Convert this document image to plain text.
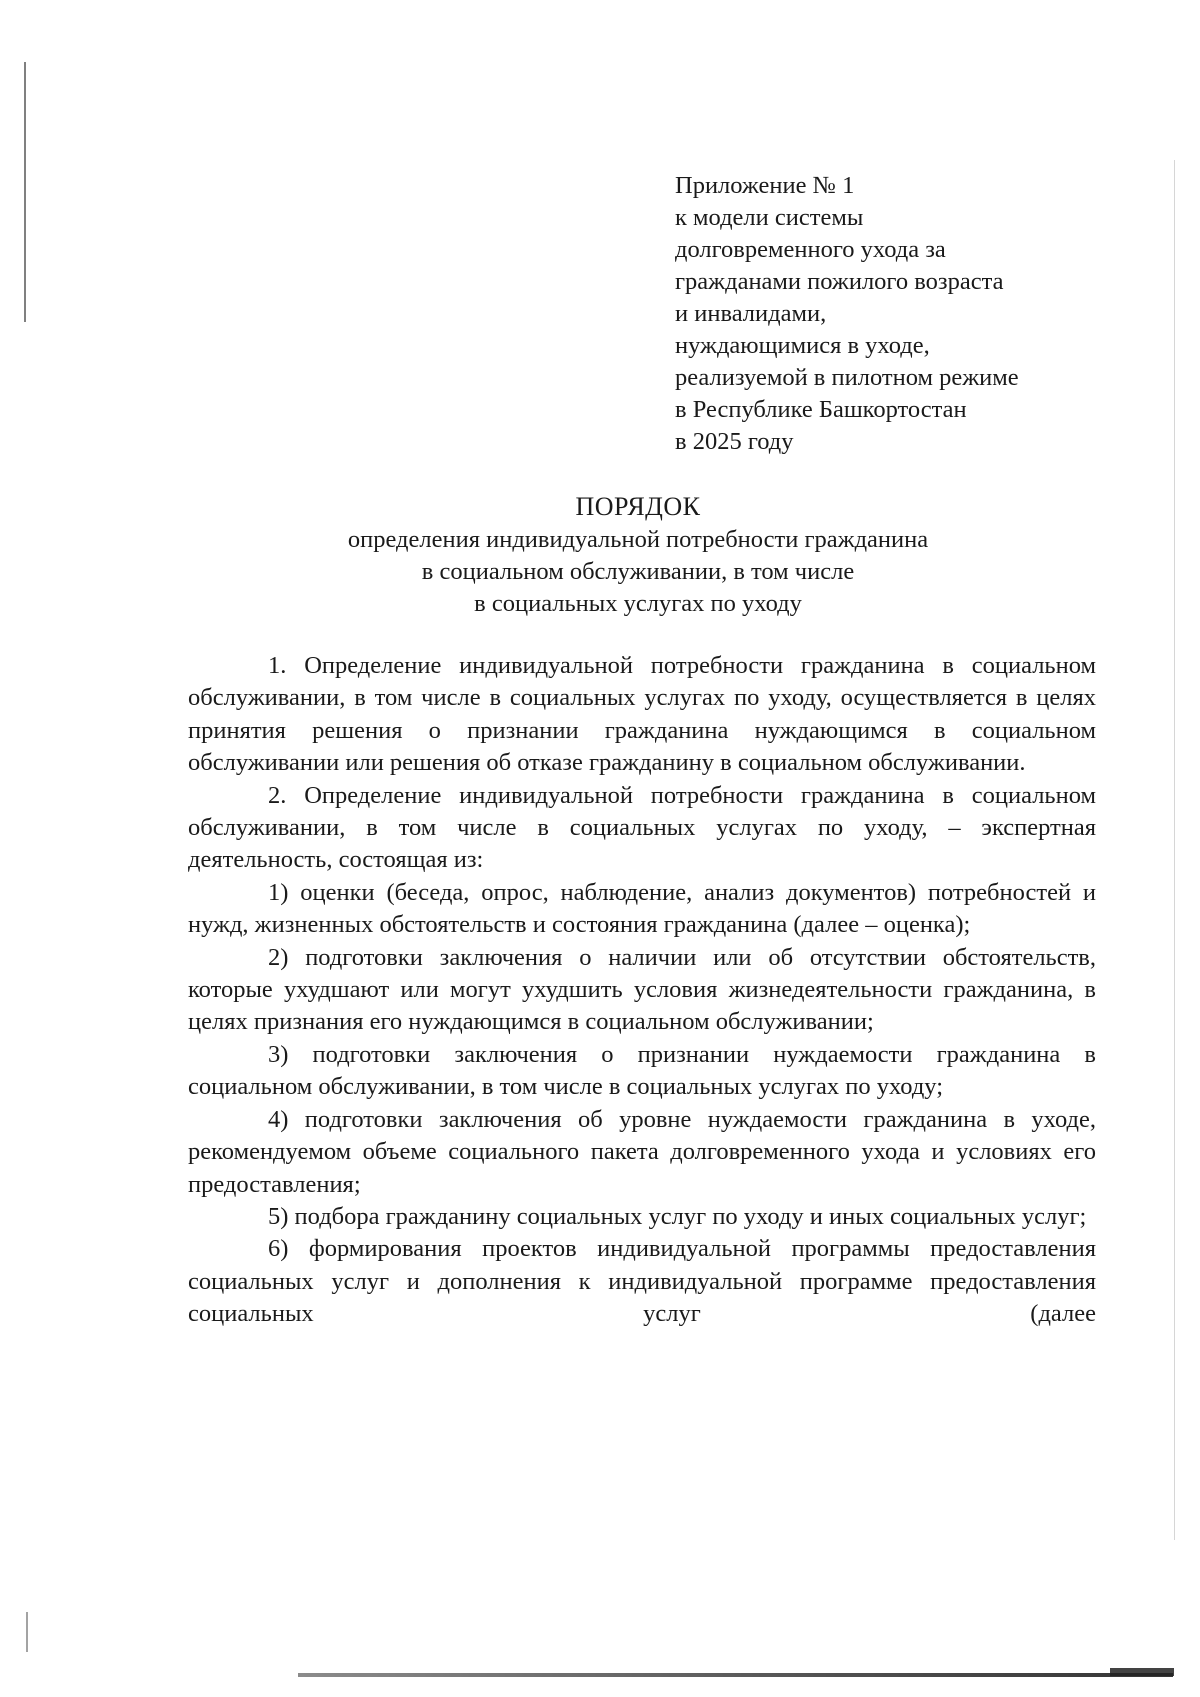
Приложение № 1
к модели системы
долговременного ухода за
гражданами пожилого возраста
и инвалидами,
нуждающимися в уходе,
реализуемой в пилотном режиме
в Республике Башкортостан
в 2025 году
ПОРЯДОК
определения индивидуальной потребности гражданина
в социальном обслуживании, в том числе
в социальных услугах по уходу

1. Определение индивидуальной потребности гражданина в социальном обслуживании, в том числе в социальных услугах по уходу, осуществляется в целях принятия решения о признании гражданина нуждающимся в социальном обслуживании или решения об отказе гражданину в социальном обслуживании.

2. Определение индивидуальной потребности гражданина в социальном обслуживании, в том числе в социальных услугах по уходу, – экспертная деятельность, состоящая из:

1) оценки (беседа, опрос, наблюдение, анализ документов) потребностей и нужд, жизненных обстоятельств и состояния гражданина (далее – оценка);

2) подготовки заключения о наличии или об отсутствии обстоятельств, которые ухудшают или могут ухудшить условия жизнедеятельности гражданина, в целях признания его нуждающимся в социальном обслуживании;

3) подготовки заключения о признании нуждаемости гражданина в социальном обслуживании, в том числе в социальных услугах по уходу;

4) подготовки заключения об уровне нуждаемости гражданина в уходе, рекомендуемом объеме социального пакета долговременного ухода и условиях его предоставления;

5) подбора гражданину социальных услуг по уходу и иных социальных услуг;

6) формирования проектов индивидуальной программы предоставления социальных услуг и дополнения к индивидуальной программе предоставления социальных услуг (далее
